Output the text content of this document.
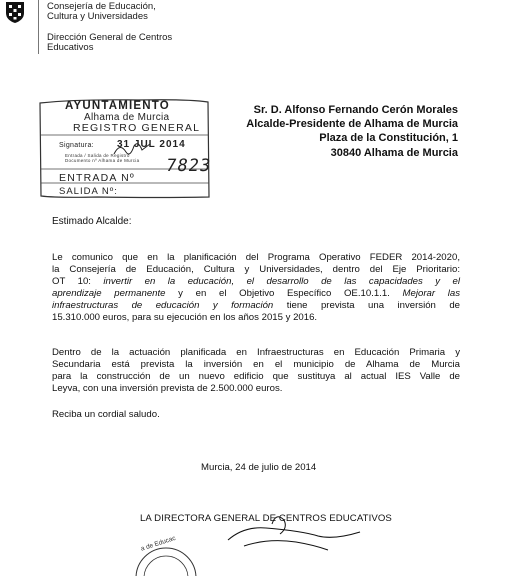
Consejería de Educación,
Cultura y Universidades
Dirección General de Centros
Educativos
AYUNTAMIENTO
Alhama de Murcia
REGISTRO GENERAL
Signatura: 31 JUL 2014
Entrada / Salida de Registro Documento nº Alhama de Murcia
ENTRADA Nº
7823
SALIDA Nº:
Sr. D. Alfonso Fernando Cerón Morales
Alcalde-Presidente de Alhama de Murcia
Plaza de la Constitución, 1
30840 Alhama de Murcia
Estimado Alcalde:
Le comunico que en la planificación del Programa Operativo FEDER 2014-2020,
la Consejería de Educación, Cultura y Universidades, dentro del Eje Prioritario:
OT 10: invertir en la educación, el desarrollo de las capacidades y el
aprendizaje permanente y en el Objetivo Específico OE.10.1.1. Mejorar las
infraestructuras de educación y formación tiene prevista una inversión de
15.310.000 euros, para su ejecución en los años 2015 y 2016.
Dentro de la actuación planificada en Infraestructuras en Educación Primaria y
Secundaria está prevista la inversión en el municipio de Alhama de Murcia
para la construcción de un nuevo edificio que sustituya al actual IES Valle de
Leyva, con una inversión prevista de 2.500.000 euros.
Reciba un cordial saludo.
Murcia, 24 de julio de 2014
LA DIRECTORA GENERAL DE CENTROS EDUCATIVOS
a de Educac
